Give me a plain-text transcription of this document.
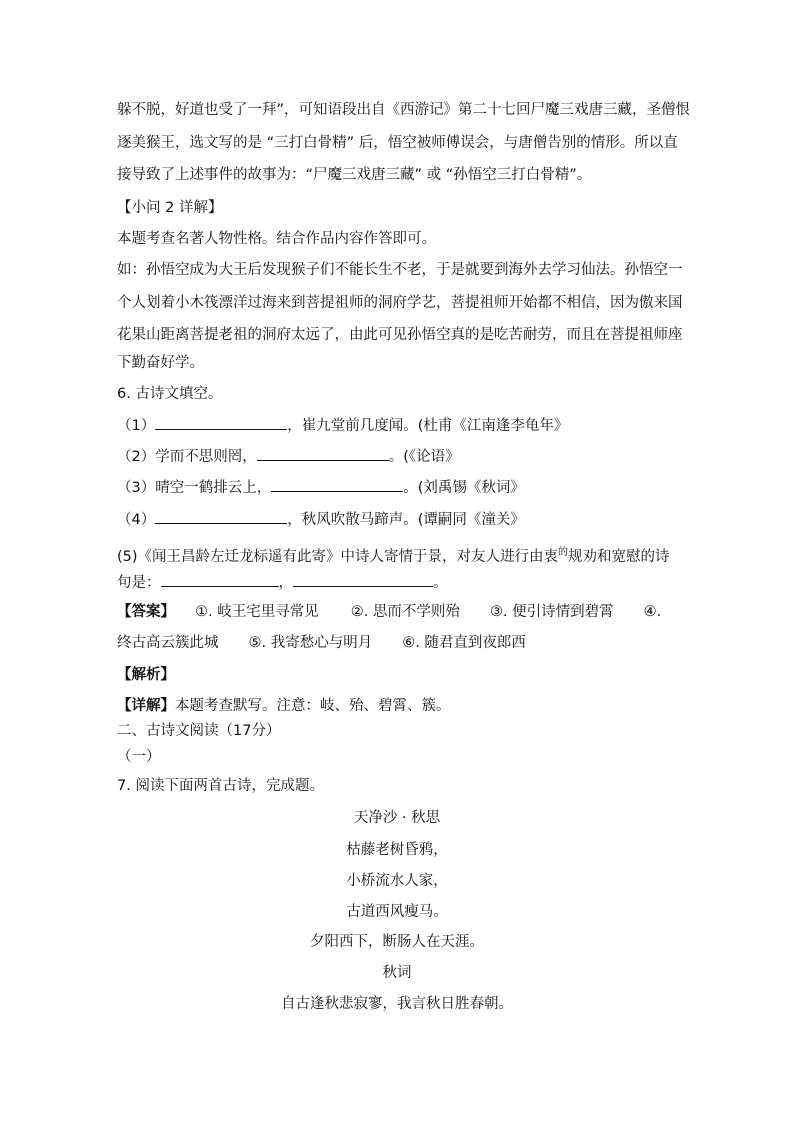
躲不脱，好道也受了一拜”，可知语段出自《西游记》第二十七回尸魔三戏唐三藏，圣僧恨
逐美猴王，选文写的是 “三打白骨精” 后，悟空被师傅误会，与唐僧告别的情形。所以直
接导致了上述事件的故事为：“尸魔三戏唐三藏” 或 “孙悟空三打白骨精”。
【小问 2 详解】
本题考查名著人物性格。结合作品内容作答即可。
如：孙悟空成为大王后发现猴子们不能长生不老，于是就要到海外去学习仙法。孙悟空一
个人划着小木筏漂洋过海来到菩提祖师的洞府学艺，菩提祖师开始都不相信，因为傲来国
花果山距离菩提老祖的洞府太远了，由此可见孙悟空真的是吃苦耐劳，而且在菩提祖师座
下勤奋好学。
6. 古诗文填空。
（1）	，崔九堂前几度闻。(杜甫《江南逢李龟年》
（2）学而不思则罔，	。(《论语》
（3）晴空一鹤排云上，	。(刘禹锡《秋词》
（4）	，秋风吹散马蹄声。(谭嗣同《潼关》
(5)《闻王昌龄左迁龙标遥有此寄》中诗人寄情于景，对友人进行由衷$^的$规劝和宽慰的诗
句是：	，	。
【答案】 ①. 岐王宅里寻常见 ②. 思而不学则殆 ③. 便引诗情到碧霄 ④.
终古高云簇此城 ⑤. 我寄愁心与明月 ⑥. 随君直到夜郎西
【解析】
【详解】本题考查默写。注意：岐、殆、碧霄、簇。
二、古诗文阅读（17分）
（一）
7. 阅读下面两首古诗，完成题。
天净沙 · 秋思
枯藤老树昏鸦，
小桥流水人家，
古道西风瘦马。
夕阳西下，断肠人在天涯。
秋词
自古逢秋悲寂寥，我言秋日胜春朝。
